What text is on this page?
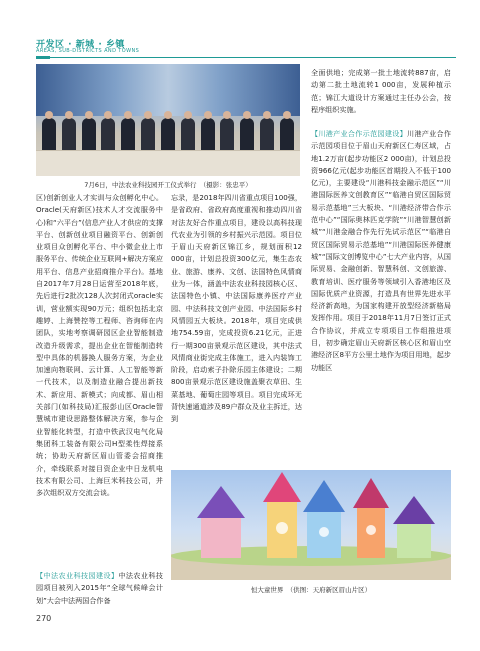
开发区 · 新城 · 乡镇
AREAS, SUB-DISTRICTS AND TOWNS
7月6日，中法农业科技园开工仪式举行　（摄影：张忠平）

全面供地；完成第一批土地流转887亩，启动第二批土地流转1 000亩，发展种植示范；锦江大道设计方案通过主任办公会，按程序组织实施。

【川港产业合作示范园建设】川港产业合作示范园项目位于眉山天府新区仁寿区域，占地1.2万亩(起步功能区2 000亩)，计划总投资966亿元(起步功能区首期投入不低于100亿元)，主要建设“川港科技金融示范区”“川港国际医养文创教育区”“临港自贸区国际贸易示范基地”三大板块、“川港经济带合作示范中心”“国际奥林匹克学院”“川港智慧创新城”“川港金融合作先行先试示范区”“临港自贸区国际贸易示范基地”“川港国际医养健康城”“国际文创博览中心”七大产业内容，从国际贸易、金融创新、智慧科创、文创旅游、教育培训、医疗服务等领域引入香港地区及国际优质产业资源，打造具有世界先进水平经济新高地，为国家构建开放型经济新格局发挥作用。项目于2018年11月7日签订正式合作协议，并成立专项项目工作组推进项目，初步确定眉山天府新区核心区和眉山空港经济区8平方公里土地作为项目用地，起步功能区

区)创新创业人才实训与众创孵化中心。Oracle(天府新区)技术人才交流服务中心)和“六平台”(信息产业人才供应的支撑平台、创新创业项目融资平台、创新创业项目众创孵化平台、中小微企业上市服务平台、传统企业互联网+解决方案应用平台、信息产业招商推介平台)。基地自2017年7月28日运营至2018年底，先后进行2批次128人次封闭式oracle实训，营业额实现90万元；组织包括北京趣婷、上海赞控等工程师、咨询师在内团队，实地考察调研园区企业智能制造改造升级需求，提出企业在智能制造转型中具体的机器换人服务方案，为企业加速向物联网、云计算、人工智能等新一代技术，以及制造业融合提出新技术、新应用、新模式；向成都、眉山相关部门(如科技局)汇报彭山区Oracle智慧城市建设思路整体解决方案，参与企业智能化转型，打造中铁武汉电气化局集团科工装备有限公司H型柔性焊接系统；协助天府新区眉山管委会招商推介，牵线联系对接目资企业中日龙机电技术有限公司、上海巨米科技公司，并多次组织双方交流会谈。

忘录，是2018年四川省重点项目100强，是省政府、省政府高度重视和推动四川省对法友好合作重点项目，建设以高科技现代农业为引领的乡村振兴示范园。项目位于眉山天府新区锦江乡，规划面积12 000亩，计划总投资300亿元，集生态农业、旅游、康养、文创、法国特色风情商业为一体，涵盖中法农业科技园核心区、法国特色小镇、中法国际康养医疗产业园、中法科技文创产业园、中法国际乡村风情园五大板块。2018年，项目完成供地754.59亩，完成投资6.21亿元，正进行一期300亩景观示范区建设，其中法式风情商业街完成主体施工，进入内装饰工阶段，启动索子扑除乐园主体建设；二期800亩景观示范区建设施盖聚衣草田、生菜基地、葡萄庄园等项目。项目完成环无背快速通道涉及89户群众及业主拆迁，达到

恒大童世界　（供图：天府新区眉山片区）

【中法农业科技园建设】中法农业科技园项目被列入2015年“全球气候峰会计划”大会中法两国合作备

270
